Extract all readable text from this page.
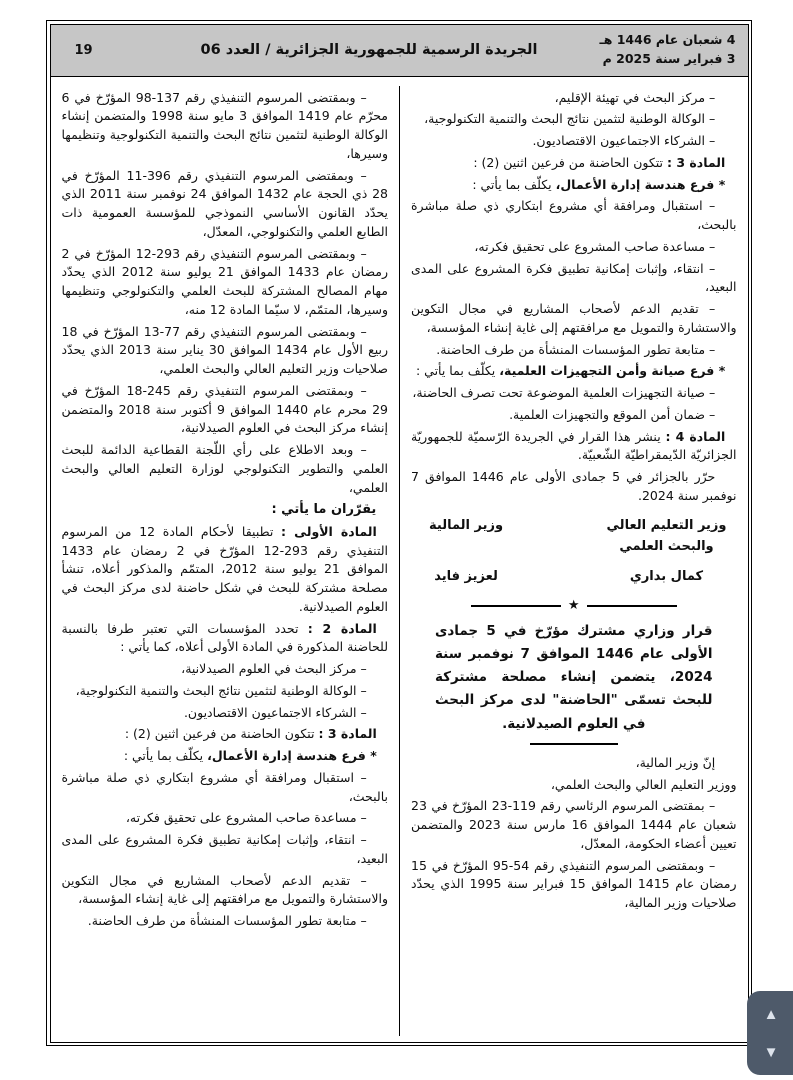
4 شعبان عام 1446 هـ
3 فبراير سنة 2025 م
الجريدة الرسمية للجمهورية الجزائرية / العدد 06
19

– مركز البحث في تهيئة الإقليم،

– الوكالة الوطنية لتثمين نتائج البحث والتنمية التكنولوجية،

– الشركاء الاجتماعيون الاقتصاديون.

المادة 3 : تتكون الحاضنة من فرعين اثنين (2) :

* فرع هندسة إدارة الأعمال، يكلّف بما يأتي :

– استقبال ومرافقة أي مشروع ابتكاري ذي صلة مباشرة بالبحث،

– مساعدة صاحب المشروع على تحقيق فكرته،

– انتقاء، وإثبات إمكانية تطبيق فكرة المشروع على المدى البعيد،

– تقديم الدعم لأصحاب المشاريع في مجال التكوين والاستشارة والتمويل مع مرافقتهم إلى غاية إنشاء المؤسسة،

– متابعة تطور المؤسسات المنشأة من طرف الحاضنة.

* فرع صيانة وأمن التجهيزات العلمية، يكلّف بما يأتي :

– صيانة التجهيزات العلمية الموضوعة تحت تصرف الحاضنة،

– ضمان أمن الموقع والتجهيزات العلمية.

المادة 4 : ينشر هذا القرار في الجريدة الرّسميّة للجمهوريّة الجزائريّة الدّيمقراطيّة الشّعبيّة.

حرّر بالجزائر في 5 جمادى الأولى عام 1446 الموافق 7 نوفمبر سنة 2024.

وزير التعليم العالي
والبحث العلمي
كمال بداري
وزير المالية
لعزيز فايد
★

قرار وزاري مشترك مؤرّخ في 5 جمادى الأولى عام 1446 الموافق 7 نوفمبر سنة 2024، يتضمن إنشاء مصلحة مشتركة للبحث تسمّى "الحاضنة" لدى مركز البحث في العلوم الصيدلانية.

إنّ وزير المالية،

ووزير التعليم العالي والبحث العلمي،

– بمقتضى المرسوم الرئاسي رقم 119-23 المؤرّخ في 23 شعبان عام 1444 الموافق 16 مارس سنة 2023 والمتضمن تعيين أعضاء الحكومة، المعدّل،

– وبمقتضى المرسوم التنفيذي رقم 54-95 المؤرّخ في 15 رمضان عام 1415 الموافق 15 فبراير سنة 1995 الذي يحدّد صلاحيات وزير المالية،

– وبمقتضى المرسوم التنفيذي رقم 137-98 المؤرّخ في 6 محرّم عام 1419 الموافق 3 مايو سنة 1998 والمتضمن إنشاء الوكالة الوطنية لتثمين نتائج البحث والتنمية التكنولوجية وتنظيمها وسيرها،

– وبمقتضى المرسوم التنفيذي رقم 396-11 المؤرّخ في 28 ذي الحجة عام 1432 الموافق 24 نوفمبر سنة 2011 الذي يحدّد القانون الأساسي النموذجي للمؤسسة العمومية ذات الطابع العلمي والتكنولوجي، المعدّل،

– وبمقتضى المرسوم التنفيذي رقم 293-12 المؤرّخ في 2 رمضان عام 1433 الموافق 21 يوليو سنة 2012 الذي يحدّد مهام المصالح المشتركة للبحث العلمي والتكنولوجي وتنظيمها وسيرها، المتمّم، لا سيّما المادة 12 منه،

– وبمقتضى المرسوم التنفيذي رقم 77-13 المؤرّخ في 18 ربيع الأول عام 1434 الموافق 30 يناير سنة 2013 الذي يحدّد صلاحيات وزير التعليم العالي والبحث العلمي،

– وبمقتضى المرسوم التنفيذي رقم 245-18 المؤرّخ في 29 محرم عام 1440 الموافق 9 أكتوبر سنة 2018 والمتضمن إنشاء مركز البحث في العلوم الصيدلانية،

– وبعد الاطلاع على رأي اللّجنة القطاعية الدائمة للبحث العلمي والتطوير التكنولوجي لوزارة التعليم العالي والبحث العلمي،

يقرّران ما يأتي :

المادة الأولى : تطبيقا لأحكام المادة 12 من المرسوم التنفيذي رقم 293-12 المؤرّخ في 2 رمضان عام 1433 الموافق 21 يوليو سنة 2012، المتمّم والمذكور أعلاه، تنشأ مصلحة مشتركة للبحث في شكل حاضنة لدى مركز البحث في العلوم الصيدلانية.

المادة 2 : تحدد المؤسسات التي تعتبر طرفا بالنسبة للحاضنة المذكورة في المادة الأولى أعلاه، كما يأتي :

– مركز البحث في العلوم الصيدلانية،

– الوكالة الوطنية لتثمين نتائج البحث والتنمية التكنولوجية،

– الشركاء الاجتماعيون الاقتصاديون.

المادة 3 : تتكون الحاضنة من فرعين اثنين (2) :

* فرع هندسة إدارة الأعمال، يكلّف بما يأتي :

– استقبال ومرافقة أي مشروع ابتكاري ذي صلة مباشرة بالبحث،

– مساعدة صاحب المشروع على تحقيق فكرته،

– انتقاء، وإثبات إمكانية تطبيق فكرة المشروع على المدى البعيد،

– تقديم الدعم لأصحاب المشاريع في مجال التكوين والاستشارة والتمويل مع مرافقتهم إلى غاية إنشاء المؤسسة،

– متابعة تطور المؤسسات المنشأة من طرف الحاضنة.

▲
▼
